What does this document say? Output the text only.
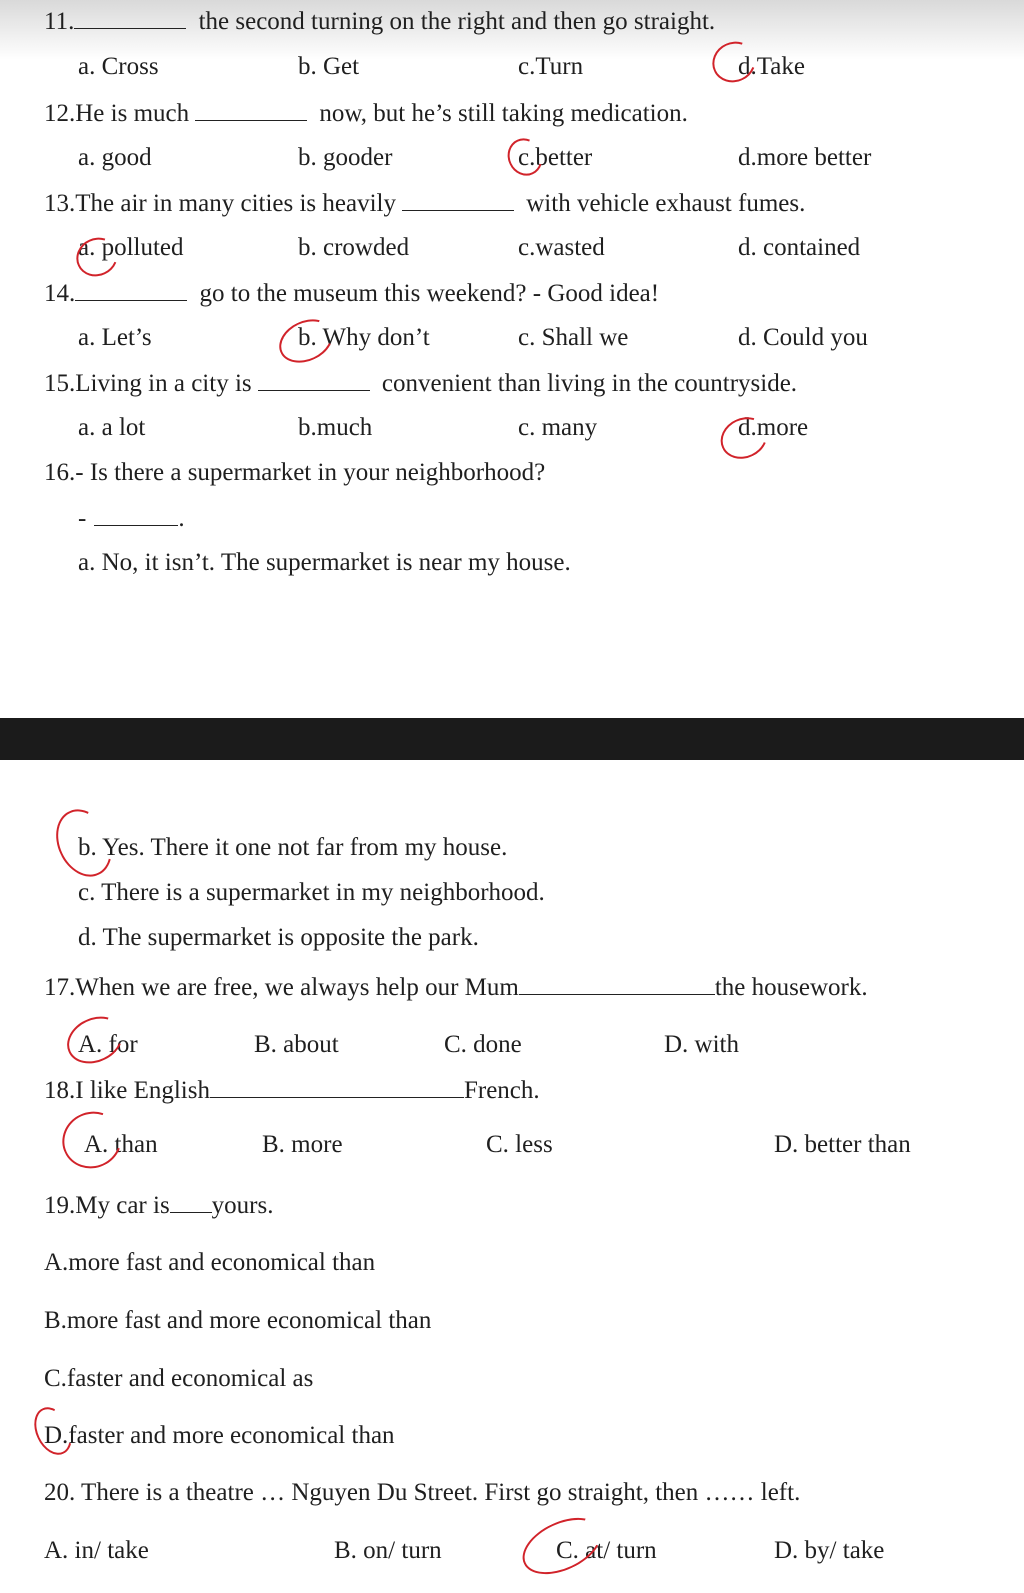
11.	the second turning on the right and then go straight.
a. Cross	b. Get	c.Turn	d.Take
12.He is much	now, but he’s still taking medication.
a. good	b. gooder	c.better	d.more better
13.The air in many cities is heavily	with vehicle exhaust fumes.
a. polluted	b. crowded	c.wasted	d. contained
14.	go to the museum this weekend? - Good idea!
a. Let’s	b. Why don’t	c. Shall we	d. Could you
15.Living in a city is	convenient than living in the countryside.
a. a lot	b.much	c. many	d.more
16.- Is there a supermarket in your neighborhood?
-	.
a. No, it isn’t. The supermarket is near my house.
b. Yes. There it one not far from my house.
c. There is a supermarket in my neighborhood.
d. The supermarket is opposite the park.
17.When we are free, we always help our Mum	the housework.
A. for	B. about	C. done	D. with
18.I like English	French.
A. than	B. more	C. less	D. better than
19.My car is yours.
A.more fast and economical than
B.more fast and more economical than
C.faster and economical as
D.faster and more economical than
20. There is a theatre … Nguyen Du Street. First go straight, then …… left.
A. in/ take	B. on/ turn	C. at/ turn	D. by/ take
